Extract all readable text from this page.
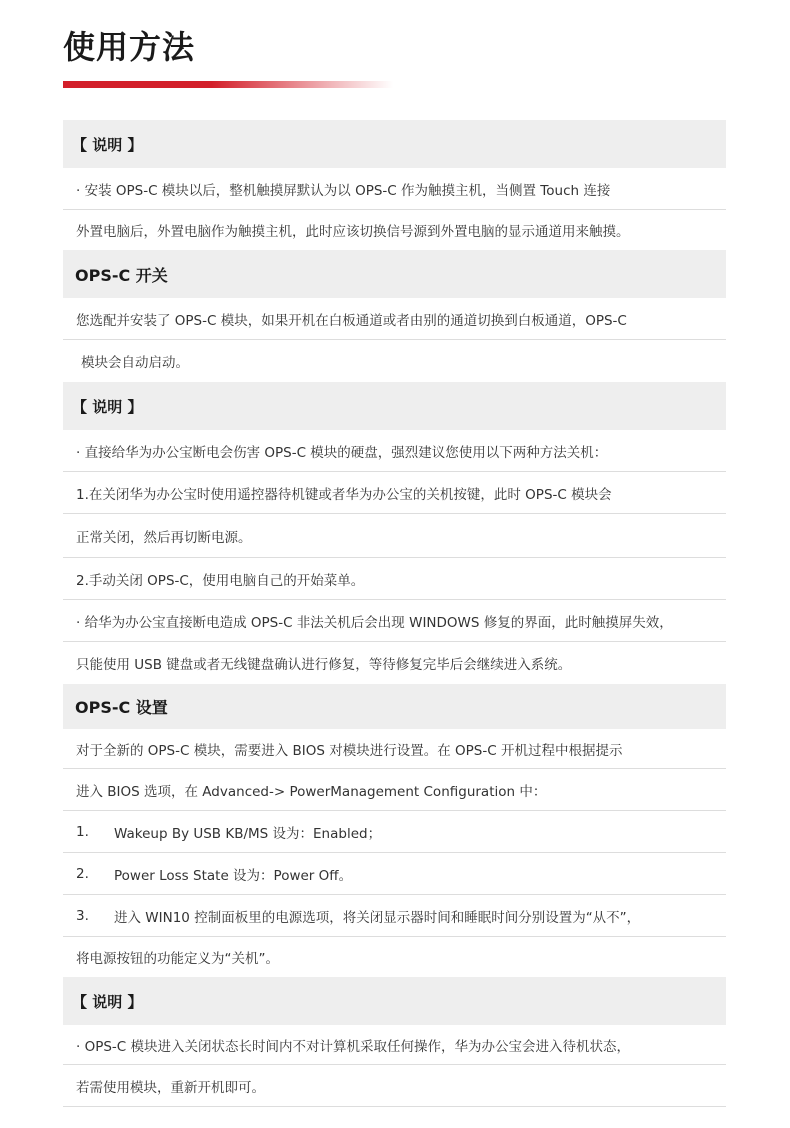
使用方法
【 说明 】
· 安装 OPS-C 模块以后，整机触摸屏默认为以 OPS-C 作为触摸主机，当侧置 Touch 连接
外置电脑后，外置电脑作为触摸主机，此时应该切换信号源到外置电脑的显示通道用来触摸。
OPS-C 开关
您选配并安装了 OPS-C 模块，如果开机在白板通道或者由别的通道切换到白板通道，OPS-C
模块会自动启动。
【 说明 】
· 直接给华为办公宝断电会伤害 OPS-C 模块的硬盘，强烈建议您使用以下两种方法关机：
1.在关闭华为办公宝时使用遥控器待机键或者华为办公宝的关机按键，此时 OPS-C 模块会
正常关闭，然后再切断电源。
2.手动关闭 OPS-C，使用电脑自己的开始菜单。
· 给华为办公宝直接断电造成 OPS-C 非法关机后会出现 WINDOWS 修复的界面，此时触摸屏失效，
只能使用 USB 键盘或者无线键盘确认进行修复，等待修复完毕后会继续进入系统。
OPS-C 设置
对于全新的 OPS-C 模块，需要进入 BIOS 对模块进行设置。在 OPS-C 开机过程中根据提示
进入 BIOS 选项，在 Advanced-> PowerManagement Configuration 中：
1.	Wakeup By USB KB/MS 设为：Enabled；
2.	Power Loss State 设为：Power Off。
3.	进入 WIN10 控制面板里的电源选项，将关闭显示器时间和睡眠时间分别设置为“从不”，
将电源按钮的功能定义为“关机”。
【 说明 】
· OPS-C 模块进入关闭状态长时间内不对计算机采取任何操作，华为办公宝会进入待机状态，
若需使用模块，重新开机即可。
